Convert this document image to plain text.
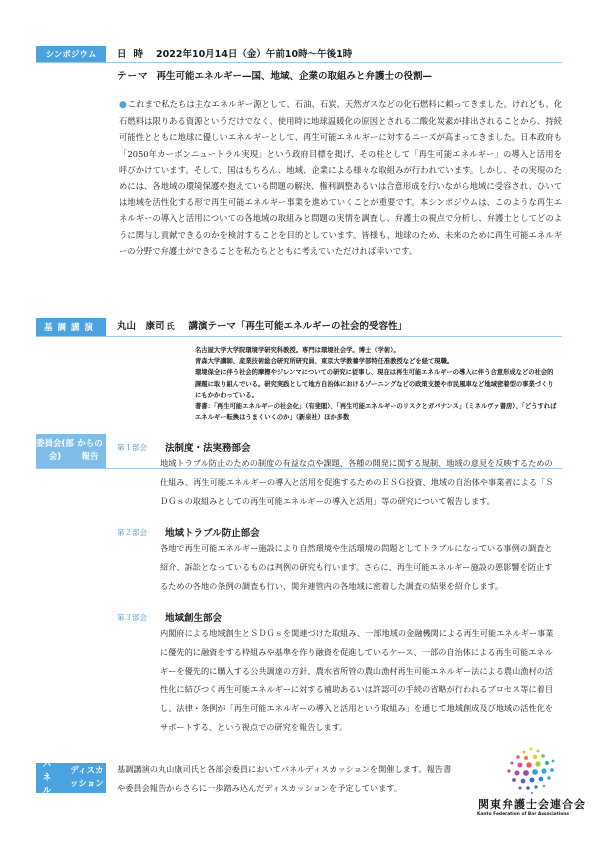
シンポジウム	日時 2022年10月14日（金）午前10時〜午後1時
テーマ 再生可能エネルギー—国、地域、企業の取組みと弁護士の役割—

●これまで私たちは主なエネルギー源として、石油、石炭、天然ガスなどの化石燃料に頼ってきました。けれども、化石燃料は限りある資源というだけでなく、使用時に地球温暖化の原因とされる二酸化炭素が排出されることから、持続可能性とともに地球に優しいエネルギーとして、再生可能エネルギーに対するニーズが高まってきました。日本政府も「2050年カーボンニュートラル実現」という政府目標を掲げ、その柱として「再生可能エネルギー」の導入と活用を呼びかけています。そして、国はもちろん、地域、企業による様々な取組みが行われています。しかし、その実現のためには、各地域の環境保護や抱えている問題の解決、権利調整あるいは合意形成を行いながら地域に受容され、ひいては地域を活性化する形で再生可能エネルギー事業を進めていくことが重要です。本シンポジウムは、このような再生エネルギーの導入と活用についての各地域の取組みと問題の実情を調査し、弁護士の視点で分析し、弁護士としてどのように関与し貢献できるのかを検討することを目的としています。皆様も、地球のため、未来のために再生可能エネルギーの分野で弁護士ができることを私たちとともに考えていただければ幸いです。

基調講演	丸山　康司 氏 講演テーマ「再生可能エネルギーの社会的受容性」
名古屋大学大学院環境学研究科教授。専門は環境社会学。博士（学術）。
青森大学講師、産業技術総合研究所研究員、東京大学教養学部特任准教授などを経て現職。
環境保全に伴う社会的摩擦やジレンマについての研究に従事し、現在は再生可能エネルギーの導入に伴う合意形成などの社会的課題に取り組んでいる。研究実践として地方自治体におけるゾーニングなどの政策支援や市民風車など地域密着型の事業づくりにもかかわっている。
著書：「再生可能エネルギーの社会化」（有斐閣）、「再生可能エネルギーのリスクとガバナンス」（ミネルヴァ書房）、「どうすればエネルギー転換はうまくいくのか」（新泉社）ほか多数
委員会(部会)
からの報告
第１部会 法制度・法実務部会

地域トラブル防止のための制度の有益な点や課題、各種の開発に関する規制、地域の意見を反映するための仕組み、再生可能エネルギーの導入と活用を促進するためのＥＳＧ投資、地域の自治体や事業者による「ＳＤＧｓの取組みとしての再生可能エネルギーの導入と活用」等の研究について報告します。

第２部会 地域トラブル防止部会

各地で再生可能エネルギー施設により自然環境や生活環境の問題としてトラブルになっている事例の調査と紹介、訴訟となっているものは判例の研究も行います。さらに、再生可能エネルギー施設の悪影響を防止するための各地の条例の調査も行い、関弁連管内の各地域に密着した調査の結果を紹介します。

第３部会 地域創生部会

内閣府による地域創生とＳＤＧｓを関連づけた取組み、一部地域の金融機関による再生可能エネルギー事業に優先的に融資をする枠組みや基準を作り融資を促進しているケース、一部の自治体による再生可能エネルギーを優先的に購入する公共調達の方針、農水省所管の農山漁村再生可能エネルギー法による農山漁村の活性化に結びつく再生可能エネルギーに対する補助あるいは許認可の手続の省略が行われるプロセス等に着目し、法律・条例が「再生可能エネルギーの導入と活用という取組み」を通じて地域創成及び地域の活性化をサポートする、という視点での研究を報告します。

パネル
ディスカッション

基調講演の丸山康司氏と各部会委員においてパネルディスカッションを開催します。報告書や委員会報告からさらに一歩踏み込んだディスカッションを予定しています。

関東弁護士会連合会
Kanto Federation of Bar Associations
